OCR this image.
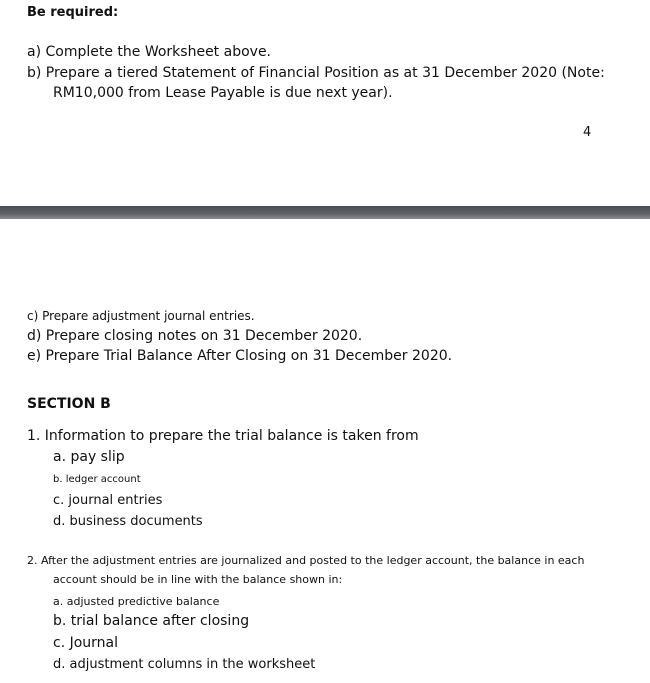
Be required:

a) Complete the Worksheet above.

b) Prepare a tiered Statement of Financial Position as at 31 December 2020 (Note:

RM10,000 from Lease Payable is due next year).

4

c) Prepare adjustment journal entries.

d) Prepare closing notes on 31 December 2020.

e) Prepare Trial Balance After Closing on 31 December 2020.

SECTION B

1. Information to prepare the trial balance is taken from

a. pay slip

b. ledger account

c. journal entries

d. business documents

2. After the adjustment entries are journalized and posted to the ledger account, the balance in each

account should be in line with the balance shown in:

a. adjusted predictive balance

b. trial balance after closing

c. Journal

d. adjustment columns in the worksheet
